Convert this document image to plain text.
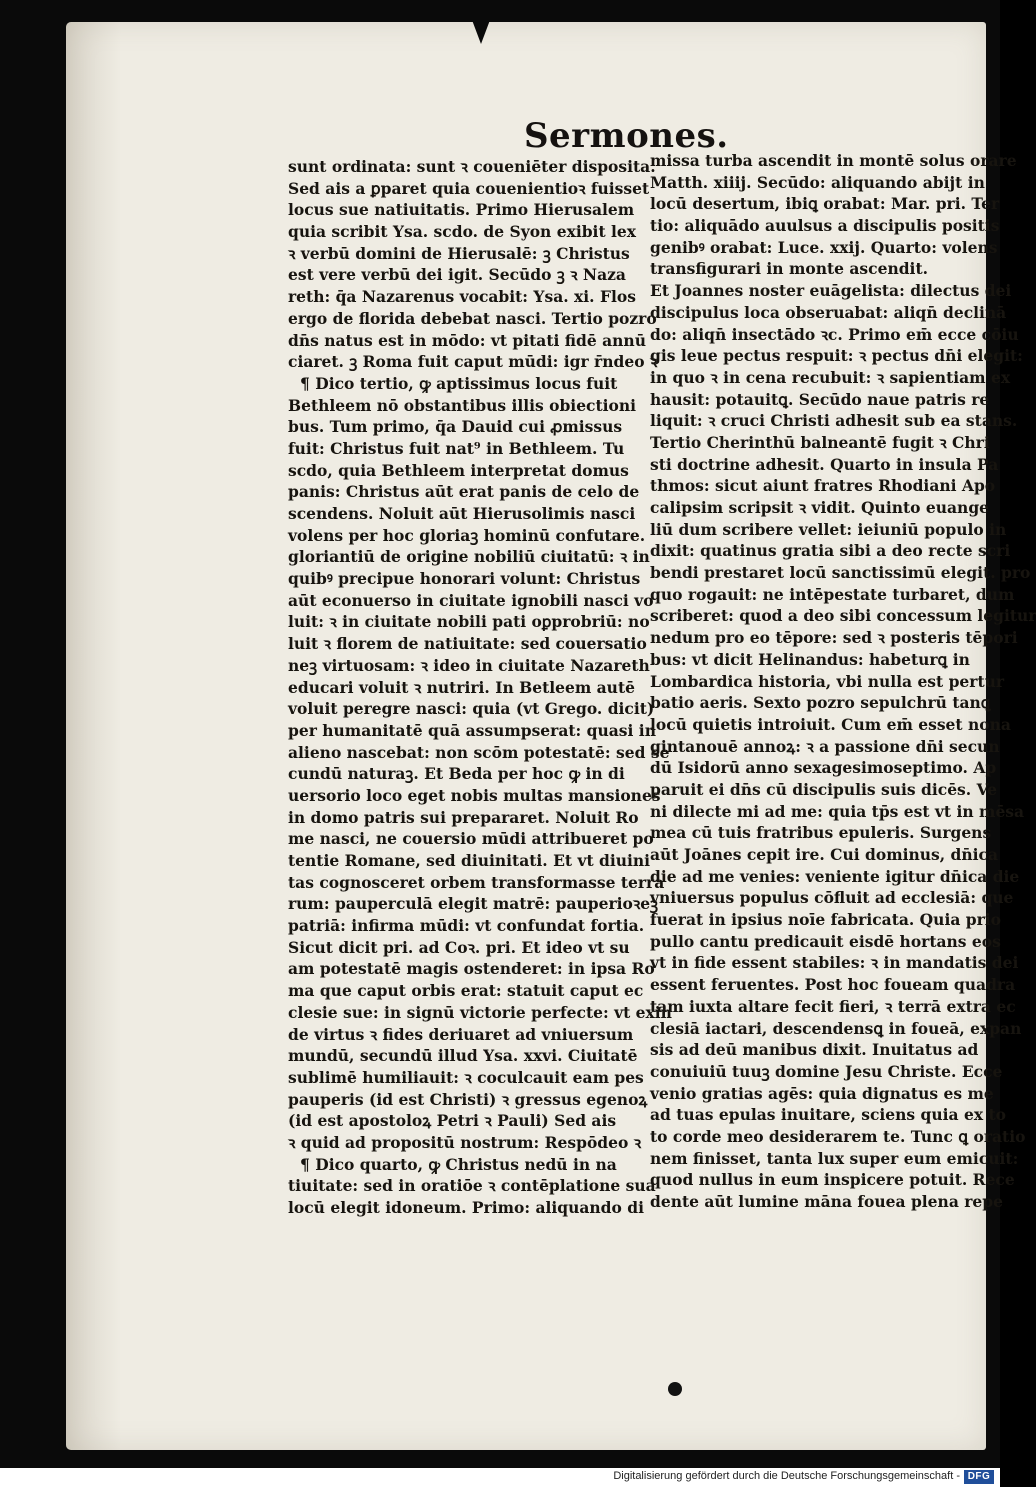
Sermones.
sunt ordinata: sunt ꝛ coueniēter disposita.
Sed ais a ꝑparet quia couenientioꝛ fuisset
locus sue natiuitatis. Primo Hierusalem
quia scribit Ysa. scdo. de Syon exibit lex
ꝛ verbū domini de Hierusalē: ꝫ Christus
est vere verbū dei igit. Secūdo ꝫ ꝛ Naza
reth: q̄a Nazarenus vocabit: Ysa. xi. Flos
ergo de florida debebat nasci. Tertio pozro
dn̄s natus est in mōdo: vt pitati fidē annū
ciaret. ꝫ Roma fuit caput mūdi: igr r̄ndeo ꝛ
¶ Dico tertio, ꝙ aptissimus locus fuit
Bethleem nō obstantibus illis obiectioni
bus. Tum primo, q̄a Dauid cui ꝓmissus
fuit: Christus fuit nat⁹ in Bethleem. Tu
scdo, quia Bethleem interpretat domus
panis: Christus aūt erat panis de celo de
scendens. Noluit aūt Hierusolimis nasci
volens per hoc gloriaꝫ hominū confutare.
gloriantiū de origine nobiliū ciuitatū: ꝛ in
quibꝰ precipue honorari volunt: Christus
aūt econuerso in ciuitate ignobili nasci vo
luit: ꝛ in ciuitate nobili pati oꝑprobriū: no
luit ꝛ florem de natiuitate: sed couersatio
neꝫ virtuosam: ꝛ ideo in ciuitate Nazareth
educari voluit ꝛ nutriri. In Betleem autē
voluit peregre nasci: quia (vt Grego. dicit)
per humanitatē quā assumpserat: quasi in
alieno nascebat: non scōm potestatē: sed se
cundū naturaꝫ. Et Beda per hoc ꝙ in di
uersorio loco eget nobis multas mansiones
in domo patris sui prepararet. Noluit Ro
me nasci, ne couersio mūdi attribueret po
tentie Romane, sed diuinitati. Et vt diuini
tas cognosceret orbem transformasse terra
rum: pauperculā elegit matrē: pauperioꝛeꝫ
patriā: infirma mūdi: vt confundat fortia.
Sicut dicit pri. ad Coꝛ. pri. Et ideo vt su
am potestatē magis ostenderet: in ipsa Ro
ma que caput orbis erat: statuit caput ec
clesie sue: in signū victorie perfecte: vt exin
de virtus ꝛ fides deriuaret ad vniuersum
mundū, secundū illud Ysa. xxvi. Ciuitatē
sublimē humiliauit: ꝛ coculcauit eam pes
pauperis (id est Christi) ꝛ gressus egenoꝝ
(id est apostoloꝝ Petri ꝛ Pauli) Sed ais
ꝛ quid ad propositū nostrum: Respōdeo ꝛ
¶ Dico quarto, ꝙ Christus nedū in na
tiuitate: sed in oratiōe ꝛ contēplatione sua
locū elegit idoneum. Primo: aliquando di
missa turba ascendit in montē solus orare
Matth. xiiij. Secūdo: aliquando abijt in
locū desertum, ibiꝗ orabat: Mar. pri. Ter
tio: aliquādo auulsus a discipulis positis
genibꝰ orabat: Luce. xxij. Quarto: volens
transfigurari in monte ascendit.
Et Joannes noster euāgelista: dilectus dei
discipulus loca obseruabat: aliqn̄ declinā
do: aliqn̄ insectādo ꝛc. Primo em̄ ecce cōiu
gis leue pectus respuit: ꝛ pectus dn̄i elegit:
in quo ꝛ in cena recubuit: ꝛ sapientiam ex
hausit: potauitꝗ. Secūdo naue patris re
liquit: ꝛ cruci Christi adhesit sub ea stans.
Tertio Cherinthū balneantē fugit ꝛ Chri
sti doctrine adhesit. Quarto in insula Pa
thmos: sicut aiunt fratres Rhodiani Apo
calipsim scripsit ꝛ vidit. Quinto euange
liū dum scribere vellet: ieiuniū populo in
dixit: quatinus gratia sibi a deo recte scri
bendi prestaret locū sanctissimū elegit. pro
quo rogauit: ne intēpestate turbaret, dum
scriberet: quod a deo sibi concessum legitur
nedum pro eo tēpore: sed ꝛ posteris tēpori
bus: vt dicit Helinandus: habeturꝗ in
Lombardica historia, vbi nulla est pertur
batio aeris. Sexto pozro sepulchrū tanꝗ
locū quietis introiuit. Cum em̄ esset nona
gintanouē annoꝝ: ꝛ a passione dn̄i secun
dū Isidorū anno sexagesimoseptimo. Ap
paruit ei dn̄s cū discipulis suis dicēs. Ve
ni dilecte mi ad me: quia tp̄s est vt in mēsa
mea cū tuis fratribus epuleris. Surgens
aūt Joānes cepit ire. Cui dominus, dn̄ica
die ad me venies: veniente igitur dn̄ica die
vniuersus populus cōfluit ad ecclesiā: que
fuerat in ipsius noīe fabricata. Quia prio
pullo cantu predicauit eisdē hortans eos
vt in fide essent stabiles: ꝛ in mandatis dei
essent feruentes. Post hoc foueam quadra
tam iuxta altare fecit fieri, ꝛ terrā extra ec
clesiā iactari, descendensꝗ in foueā, expan
sis ad deū manibus dixit. Inuitatus ad
conuiuiū tuuꝫ domine Jesu Christe. Ecce
venio gratias agēs: quia dignatus es me
ad tuas epulas inuitare, sciens quia ex to
to corde meo desiderarem te. Tunc ꝗ oratio
nem finisset, tanta lux super eum emicuit:
quod nullus in eum inspicere potuit. Rece
dente aūt lumine māna fouea plena repe
Digitalisierung gefördert durch die Deutsche Forschungsgemeinschaft - DFG
